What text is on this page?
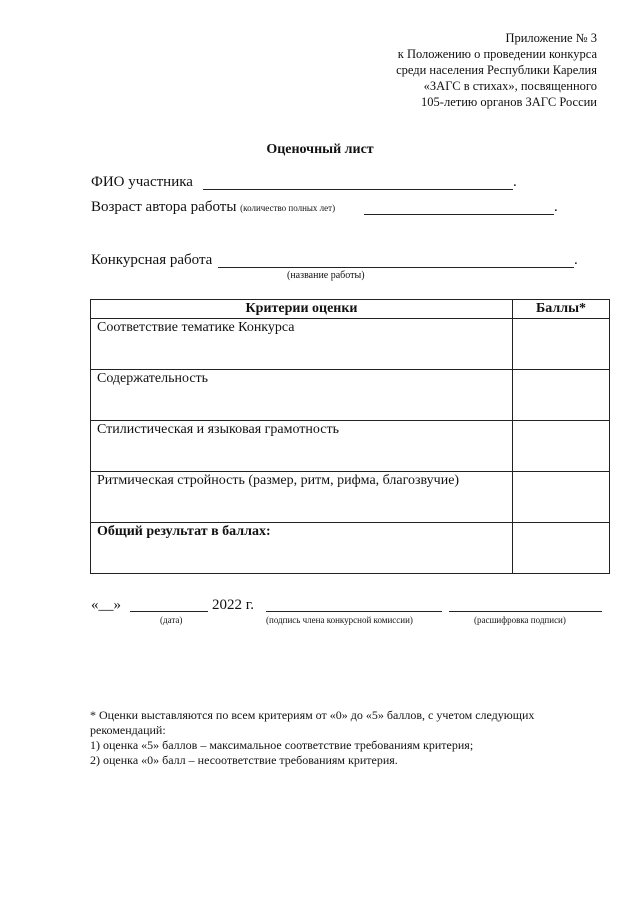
Приложение № 3
к Положению о проведении конкурса
среди населения Республики Карелия
«ЗАГС в стихах», посвященного
105-летию органов ЗАГС России
Оценочный лист
ФИО участника	.
Возраст автора работы (количество полных лет)	.
Конкурсная работа	.
(название работы)
Критерии оценки	Баллы*
Соответствие тематике Конкурса	
Содержательность	
Стилистическая и языковая грамотность	
Ритмическая стройность (размер, ритм, рифма, благозвучие)	
Общий результат в баллах:	
«__»	2022 г.
(дата)	(подпись члена конкурсной комиссии)	(расшифровка подписи)
* Оценки выставляются по всем критериям от «0» до «5» баллов, с учетом следующих рекомендаций:
1) оценка «5» баллов – максимальное соответствие требованиям критерия;
2) оценка «0» балл – несоответствие требованиям критерия.
